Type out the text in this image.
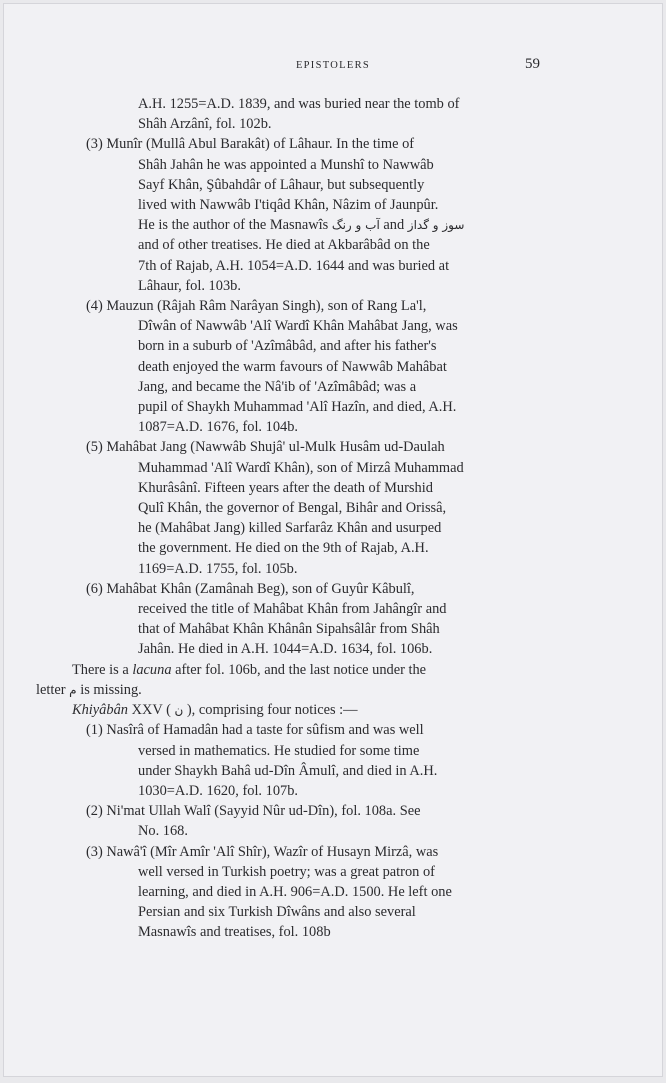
EPISTOLERS	59

A.H. 1255=A.D. 1839, and was buried near the tomb of

Shâh Arzânî, fol. 102b.

(3) Munîr (Mullâ Abul Barakât) of Lâhaur. In the time of

Shâh Jahân he was appointed a Munshî to Nawwâb

Sayf Khân, Şûbahdâr of Lâhaur, but subsequently

lived with Nawwâb I'tiqâd Khân, Nâzim of Jaunpûr.

He is the author of the Masnawîs آب و رنگ and سوز و گداز

and of other treatises. He died at Akbarâbâd on the

7th of Rajab, A.H. 1054=A.D. 1644 and was buried at

Lâhaur, fol. 103b.

(4) Mauzun (Râjah Râm Narâyan Singh), son of Rang La'l,

Dîwân of Nawwâb 'Alî Wardî Khân Mahâbat Jang, was

born in a suburb of 'Azîmâbâd, and after his father's

death enjoyed the warm favours of Nawwâb Mahâbat

Jang, and became the Nâ'ib of 'Azîmâbâd; was a

pupil of Shaykh Muhammad 'Alî Hazîn, and died, A.H.

1087=A.D. 1676, fol. 104b.

(5) Mahâbat Jang (Nawwâb Shujâ' ul-Mulk Husâm ud-Daulah

Muhammad 'Alî Wardî Khân), son of Mirzâ Muhammad

Khurâsânî. Fifteen years after the death of Murshid

Qulî Khân, the governor of Bengal, Bihâr and Orissâ,

he (Mahâbat Jang) killed Sarfarâz Khân and usurped

the government. He died on the 9th of Rajab, A.H.

1169=A.D. 1755, fol. 105b.

(6) Mahâbat Khân (Zamânah Beg), son of Guyûr Kâbulî,

received the title of Mahâbat Khân from Jahângîr and

that of Mahâbat Khân Khânân Sipahsâlâr from Shâh

Jahân. He died in A.H. 1044=A.D. 1634, fol. 106b.

There is a lacuna after fol. 106b, and the last notice under the

letter م is missing.

Khiyâbân XXV ( ن ), comprising four notices :—

(1) Nasîrâ of Hamadân had a taste for sûfism and was well

versed in mathematics. He studied for some time

under Shaykh Bahâ ud-Dîn Âmulî, and died in A.H.

1030=A.D. 1620, fol. 107b.

(2) Ni'mat Ullah Walî (Sayyid Nûr ud-Dîn), fol. 108a. See

No. 168.

(3) Nawâ'î (Mîr Amîr 'Alî Shîr), Wazîr of Husayn Mirzâ, was

well versed in Turkish poetry; was a great patron of

learning, and died in A.H. 906=A.D. 1500. He left one

Persian and six Turkish Dîwâns and also several

Masnawîs and treatises, fol. 108b
